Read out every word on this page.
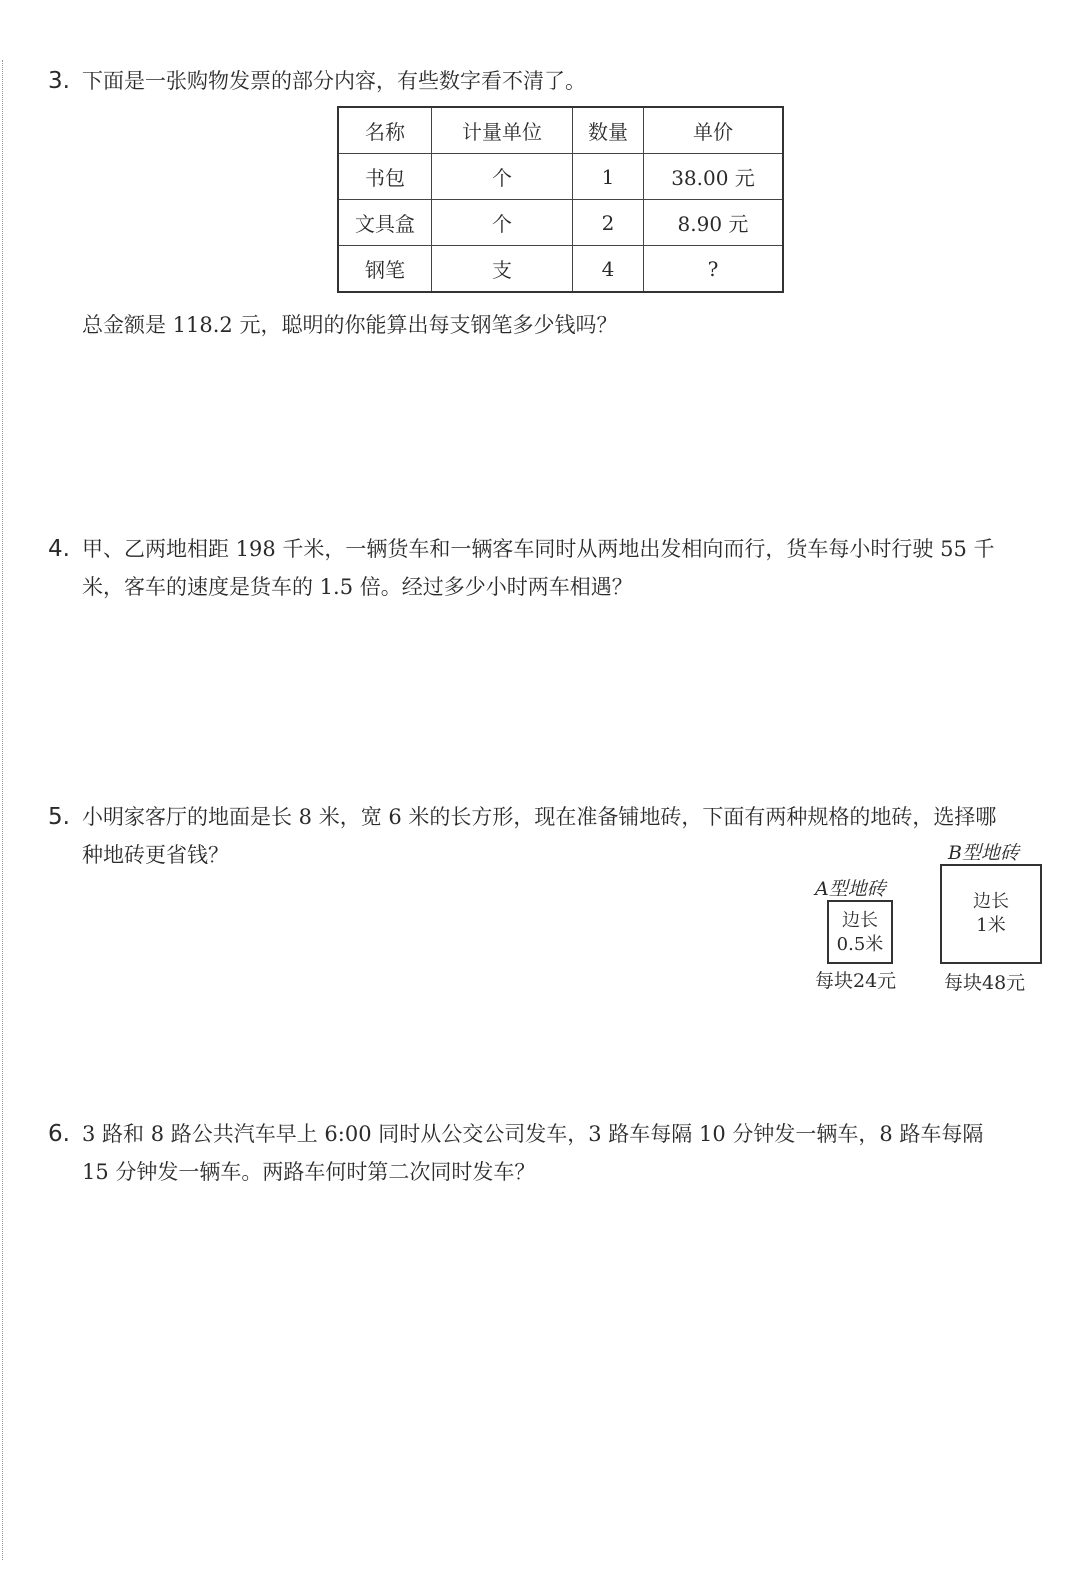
3. 下面是一张购物发票的部分内容，有些数字看不清了。
名称	计量单位	数量	单价
书包	个	1	38.00 元
文具盒	个	2	8.90 元
钢笔	支	4	?
总金额是 118.2 元，聪明的你能算出每支钢笔多少钱吗？
4. 甲、乙两地相距 198 千米，一辆货车和一辆客车同时从两地出发相向而行，货车每小时行驶 55 千
米，客车的速度是货车的 1.5 倍。经过多少小时两车相遇？
5. 小明家客厅的地面是长 8 米，宽 6 米的长方形，现在准备铺地砖，下面有两种规格的地砖，选择哪
种地砖更省钱？
A型地砖
边长
0.5米
每块24元
B型地砖
边长
1米
每块48元
6. 3 路和 8 路公共汽车早上 6:00 同时从公交公司发车，3 路车每隔 10 分钟发一辆车，8 路车每隔
15 分钟发一辆车。两路车何时第二次同时发车？
